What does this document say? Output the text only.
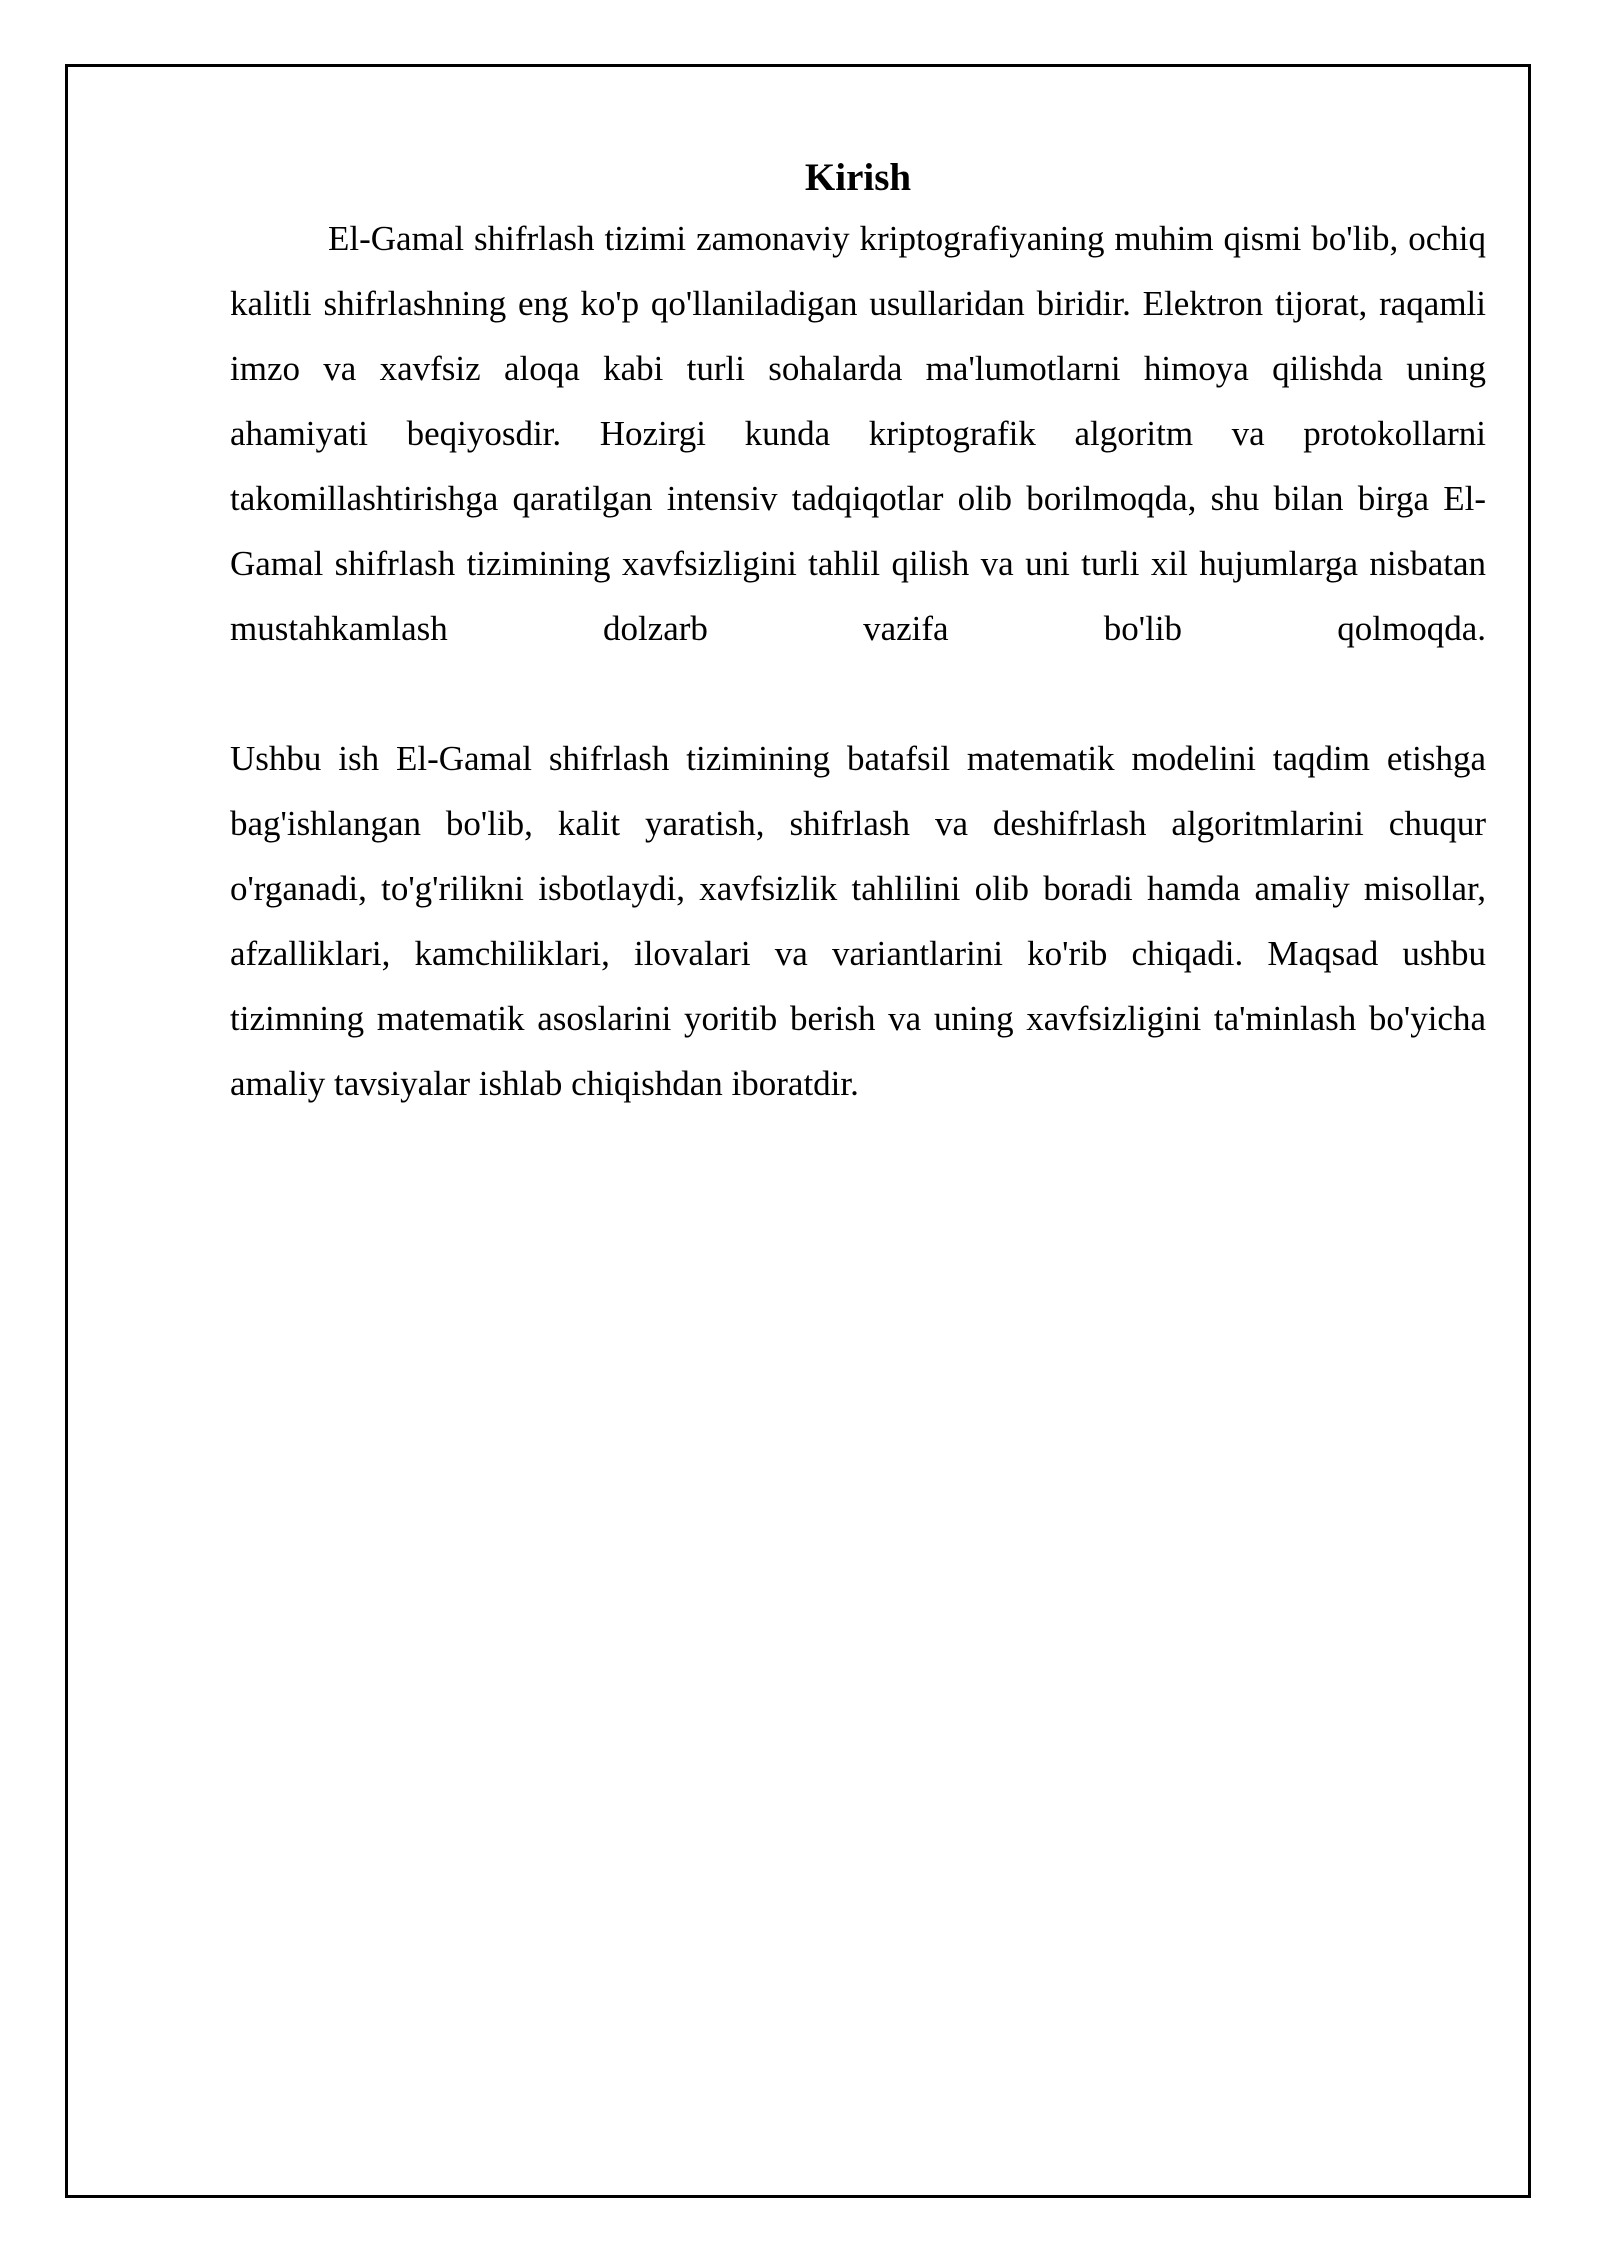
Kirish

El-Gamal shifrlash tizimi zamonaviy kriptografiyaning muhim qismi bo'lib, ochiq kalitli shifrlashning eng ko'p qo'llaniladigan usullaridan biridir. Elektron tijorat, raqamli imzo va xavfsiz aloqa kabi turli sohalarda ma'lumotlarni himoya qilishda uning ahamiyati beqiyosdir. Hozirgi kunda kriptografik algoritm va protokollarni takomillashtirishga qaratilgan intensiv tadqiqotlar olib borilmoqda, shu bilan birga El-Gamal shifrlash tizimining xavfsizligini tahlil qilish va uni turli xil hujumlarga nisbatan mustahkamlash dolzarb vazifa bo'lib qolmoqda.

Ushbu ish El-Gamal shifrlash tizimining batafsil matematik modelini taqdim etishga bag'ishlangan bo'lib, kalit yaratish, shifrlash va deshifrlash algoritmlarini chuqur o'rganadi, to'g'rilikni isbotlaydi, xavfsizlik tahlilini olib boradi hamda amaliy misollar, afzalliklari, kamchiliklari, ilovalari va variantlarini ko'rib chiqadi. Maqsad ushbu tizimning matematik asoslarini yoritib berish va uning xavfsizligini ta'minlash bo'yicha amaliy tavsiyalar ishlab chiqishdan iboratdir.
